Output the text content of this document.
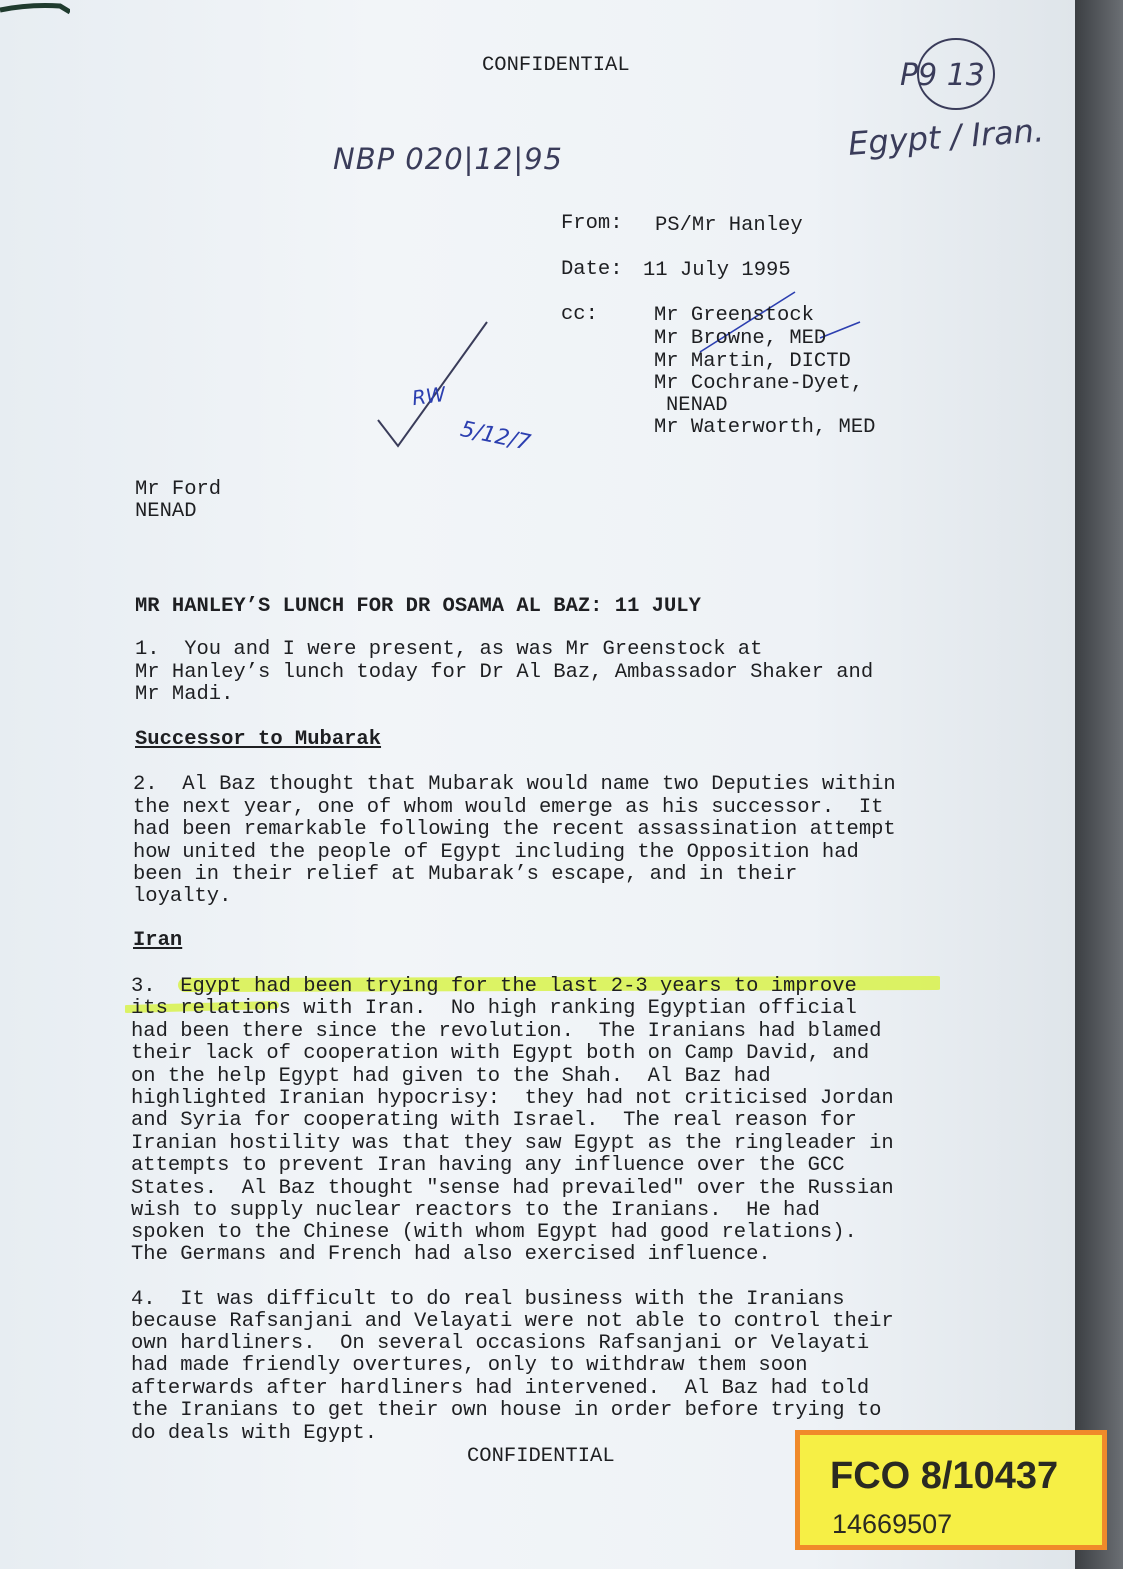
CONFIDENTIAL
NBP 020|12|95
P9 13
Egypt / Iran.
RW
5/12/7
From: PS/Mr Hanley
Date: 11 July 1995
cc:	Mr Greenstock
Mr Browne, MED
Mr Martin, DICTD
Mr Cochrane-Dyet,
NENAD
Mr Waterworth, MED
Mr Ford
NENAD
MR HANLEY’S LUNCH FOR DR OSAMA AL BAZ: 11 JULY
1.  You and I were present, as was Mr Greenstock at
Mr Hanley’s lunch today for Dr Al Baz, Ambassador Shaker and
Mr Madi.
Successor to Mubarak
2.  Al Baz thought that Mubarak would name two Deputies within
the next year, one of whom would emerge as his successor.  It
had been remarkable following the recent assassination attempt
how united the people of Egypt including the Opposition had
been in their relief at Mubarak’s escape, and in their
loyalty.
Iran
3.  Egypt had been trying for the last 2-3 years to improve
its relations with Iran.  No high ranking Egyptian official
had been there since the revolution.  The Iranians had blamed
their lack of cooperation with Egypt both on Camp David, and
on the help Egypt had given to the Shah.  Al Baz had
highlighted Iranian hypocrisy:  they had not criticised Jordan
and Syria for cooperating with Israel.  The real reason for
Iranian hostility was that they saw Egypt as the ringleader in
attempts to prevent Iran having any influence over the GCC
States.  Al Baz thought "sense had prevailed" over the Russian
wish to supply nuclear reactors to the Iranians.  He had
spoken to the Chinese (with whom Egypt had good relations).
The Germans and French had also exercised influence.
4.  It was difficult to do real business with the Iranians
because Rafsanjani and Velayati were not able to control their
own hardliners.  On several occasions Rafsanjani or Velayati
had made friendly overtures, only to withdraw them soon
afterwards after hardliners had intervened.  Al Baz had told
the Iranians to get their own house in order before trying to
do deals with Egypt.
CONFIDENTIAL	FCO 8/10437
14669507
